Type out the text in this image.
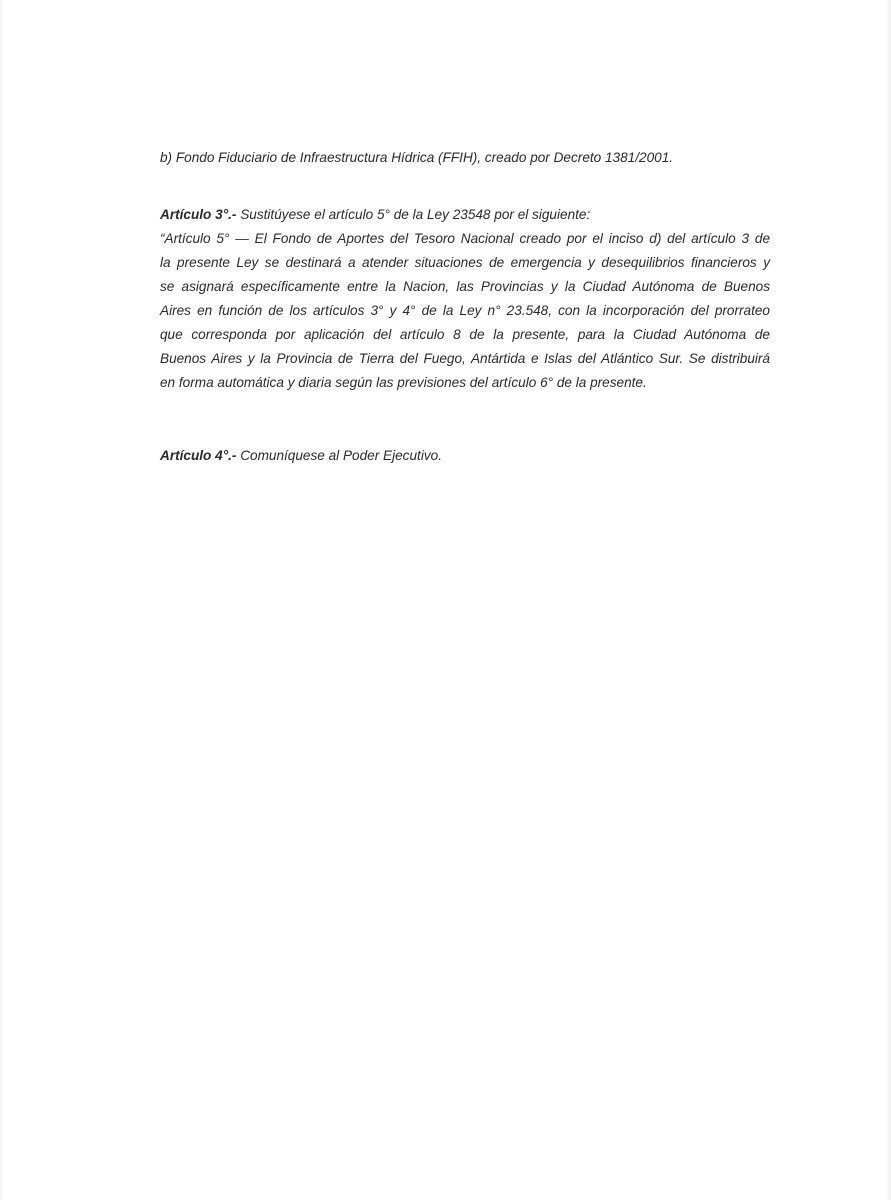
b) Fondo Fiduciario de Infraestructura Hídrica (FFIH), creado por Decreto 1381/2001.
Artículo 3°.- Sustitúyese el artículo 5° de la Ley 23548 por el siguiente:
“Artículo 5° — El Fondo de Aportes del Tesoro Nacional creado por el inciso d) del artículo 3 de
la presente Ley se destinará a atender situaciones de emergencia y desequilibrios financieros y
se asignará específicamente entre la Nacion, las Provincias y la Ciudad Autónoma de Buenos
Aires en función de los artículos 3° y 4° de la Ley n° 23.548, con la incorporación del prorrateo
que corresponda por aplicación del artículo 8 de la presente, para la Ciudad Autónoma de
Buenos Aires y la Provincia de Tierra del Fuego, Antártida e Islas del Atlántico Sur. Se distribuirá
en forma automática y diaria según las previsiones del artículo 6° de la presente.
Artículo 4°.- Comuníquese al Poder Ejecutivo.
